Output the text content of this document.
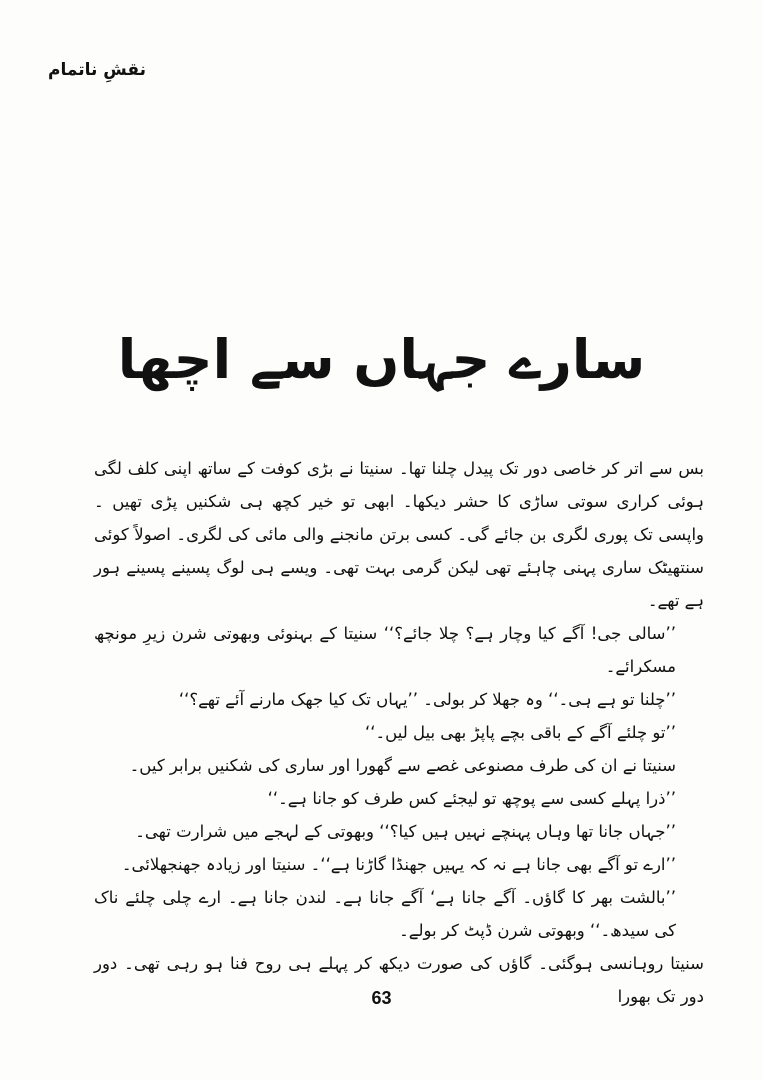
نقشِ ناتمام
سارے جہاں سے اچھا

بس سے اتر کر خاصی دور تک پیدل چلنا تھا۔ سنیتا نے بڑی کوفت کے ساتھ اپنی کلف لگی ہوئی کراری سوتی ساڑی کا حشر دیکھا۔ ابھی تو خیر کچھ ہی شکنیں پڑی تھیں ۔ واپسی تک پوری لگری بن جائے گی۔ کسی برتن مانجنے والی مائی کی لگری۔ اصولاً کوئی سنتھیٹک ساری پہنی چاہئے تھی لیکن گرمی بہت تھی۔ ویسے ہی لوگ پسینے پسینے ہور ہے تھے۔

’’سالی جی! آگے کیا وچار ہے؟ چلا جائے؟‘‘ سنیتا کے بہنوئی وبھوتی شرن زیرِ مونچھ مسکرائے۔

’’چلنا تو ہے ہی۔‘‘ وہ جھلا کر بولی۔ ’’یہاں تک کیا جھک مارنے آئے تھے؟‘‘

’’تو چلئے آگے کے باقی بچے پاپڑ بھی بیل لیں۔‘‘

سنیتا نے ان کی طرف مصنوعی غصے سے گھورا اور ساری کی شکنیں برابر کیں۔

’’ذرا پہلے کسی سے پوچھ تو لیجئے کس طرف کو جانا ہے۔‘‘

’’جہاں جانا تھا وہاں پہنچے نہیں ہیں کیا؟‘‘ وبھوتی کے لہجے میں شرارت تھی۔

’’ارے تو آگے بھی جانا ہے نہ کہ یہیں جھنڈا گاڑنا ہے‘‘۔ سنیتا اور زیادہ جھنجھلائی۔

’’بالشت بھر کا گاؤں۔ آگے جانا ہے‘ آگے جانا ہے۔ لندن جانا ہے۔ ارے چلی چلئے ناک کی سیدھ۔‘‘ وبھوتی شرن ڈپٹ کر بولے۔

سنیتا روہانسی ہوگئی۔ گاؤں کی صورت دیکھ کر پہلے ہی روح فنا ہو رہی تھی۔ دور دور تک بھورا

63
